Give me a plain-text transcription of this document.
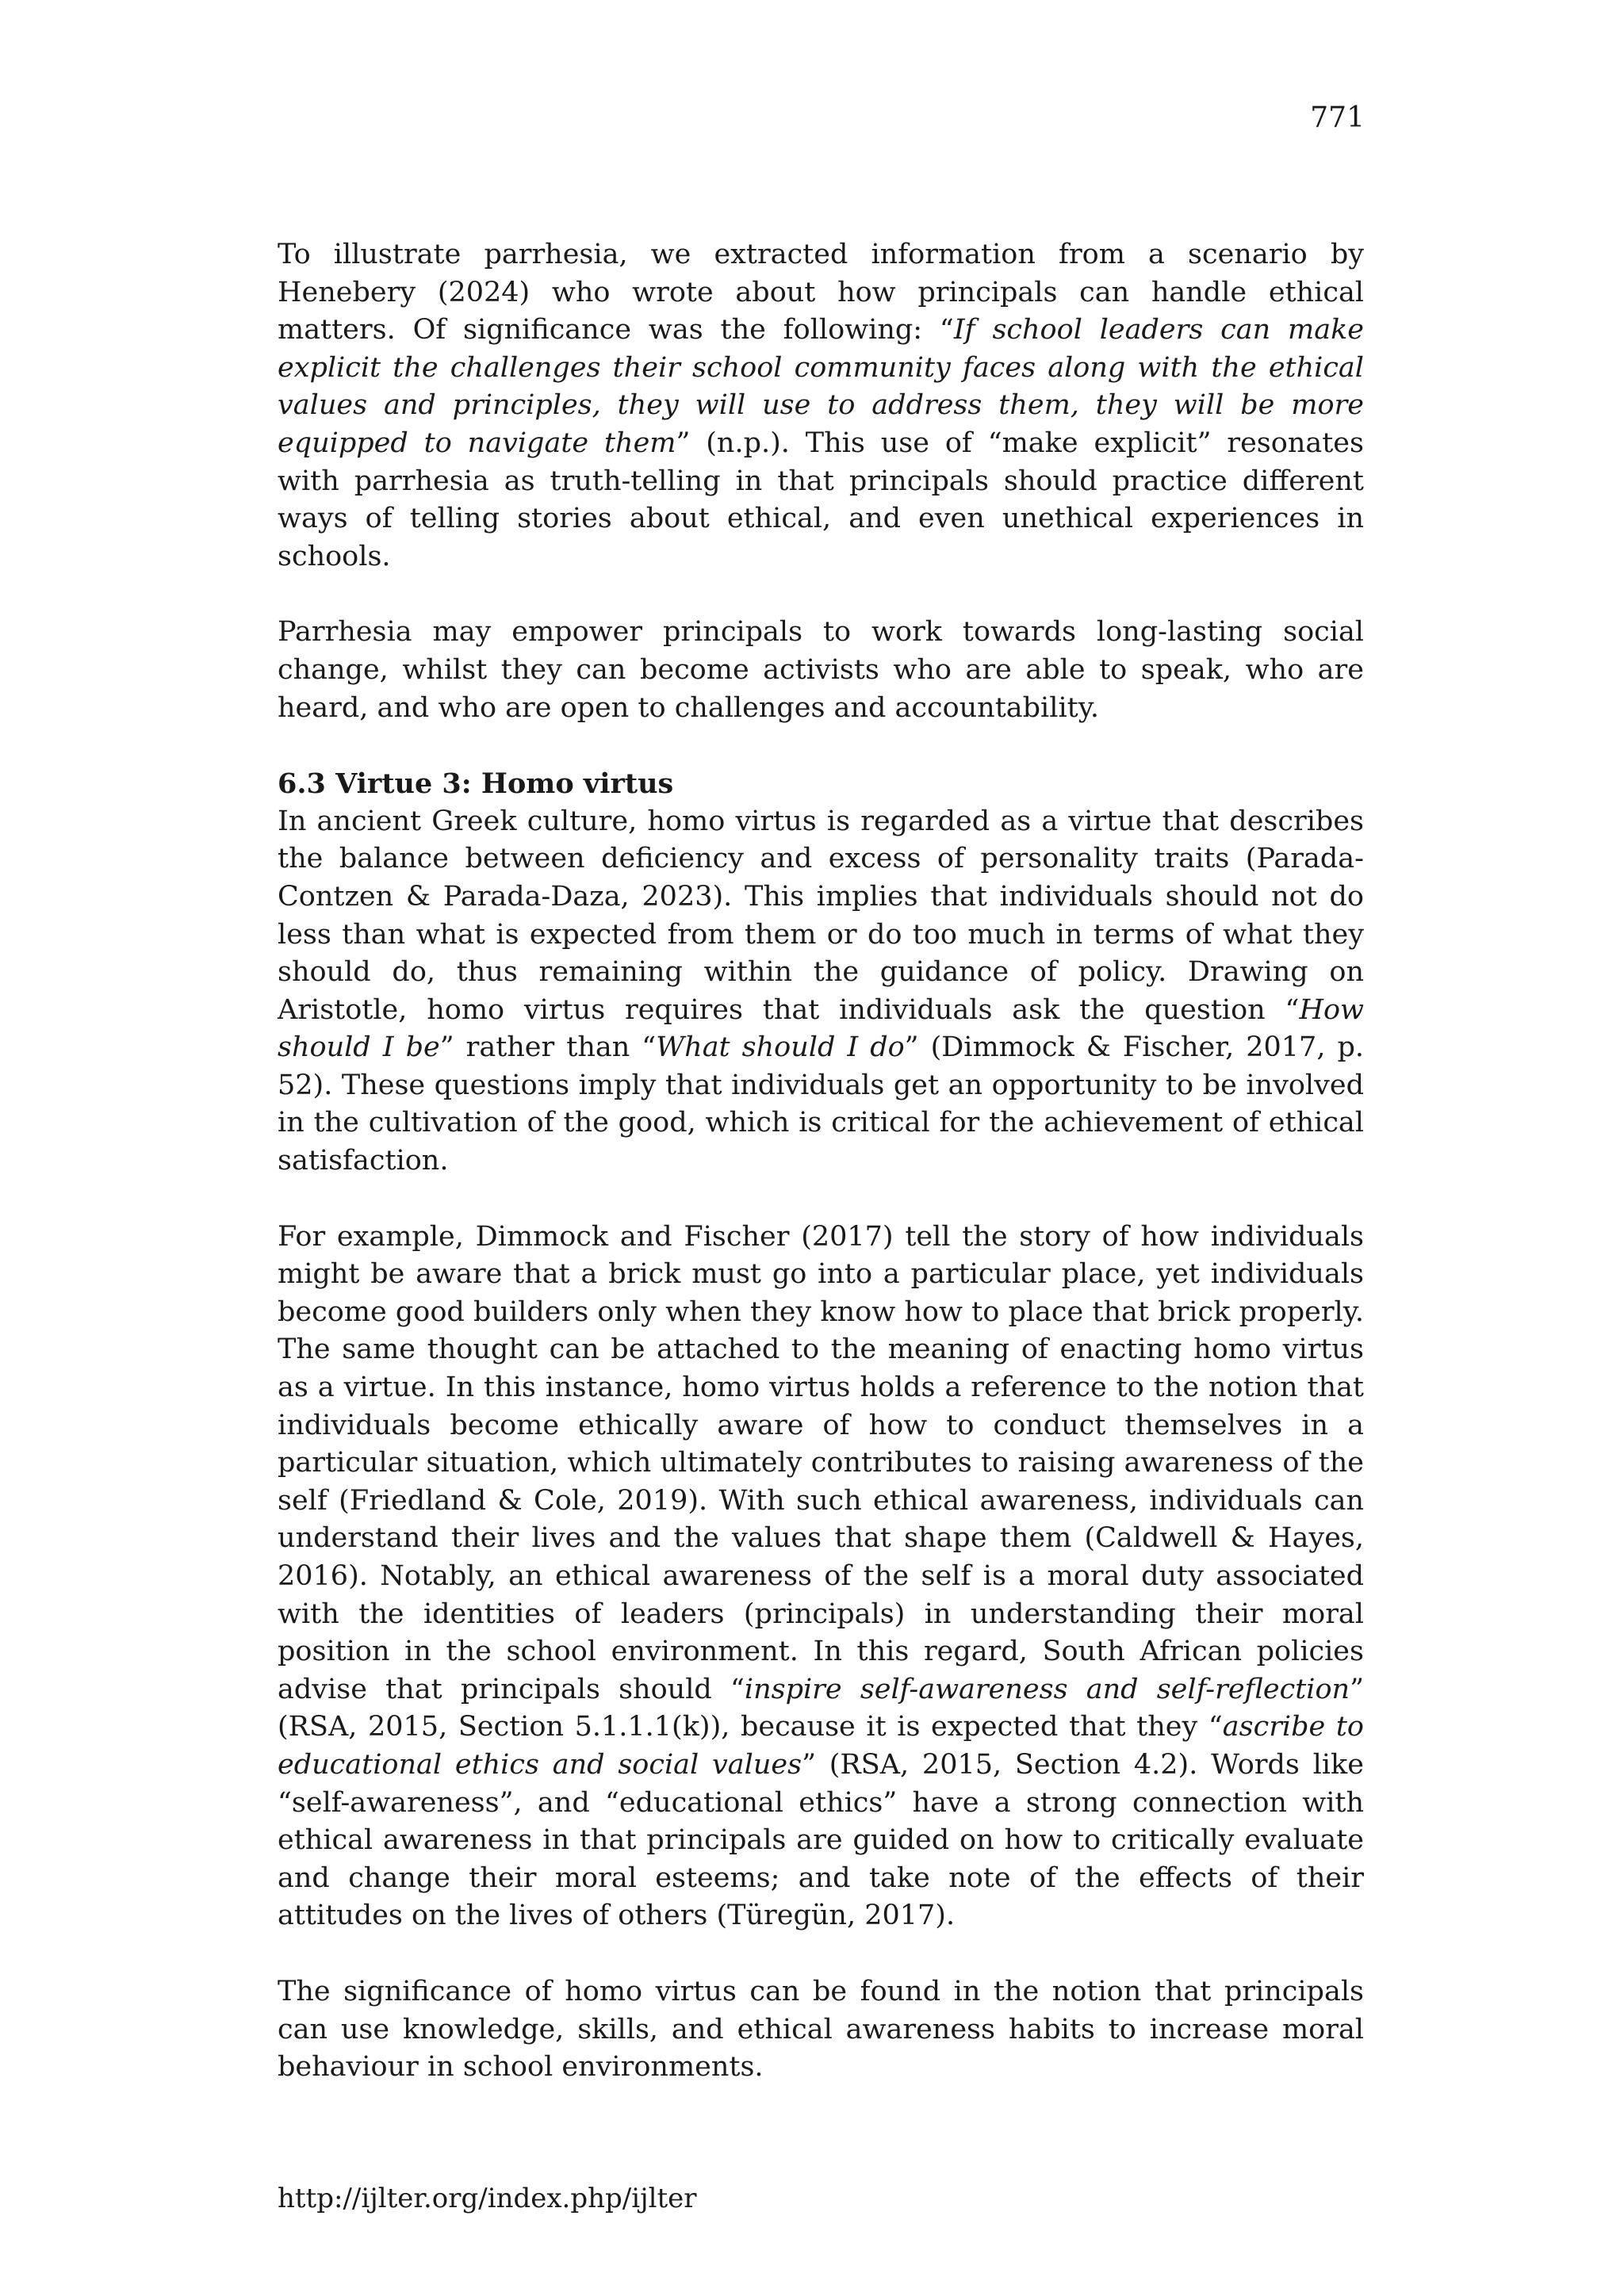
771

To illustrate parrhesia, we extracted information from a scenario by Henebery (2024) who wrote about how principals can handle ethical matters. Of significance was the following: “If school leaders can make explicit the challenges their school community faces along with the ethical values and principles, they will use to address them, they will be more equipped to navigate them” (n.p.). This use of “make explicit” resonates with parrhesia as truth-telling in that principals should practice different ways of telling stories about ethical, and even unethical experiences in schools.

Parrhesia may empower principals to work towards long-lasting social change, whilst they can become activists who are able to speak, who are heard, and who are open to challenges and accountability.

6.3 Virtue 3: Homo virtus

In ancient Greek culture, homo virtus is regarded as a virtue that describes the balance between deficiency and excess of personality traits (Parada-Contzen & Parada-Daza, 2023). This implies that individuals should not do less than what is expected from them or do too much in terms of what they should do, thus remaining within the guidance of policy. Drawing on Aristotle, homo virtus requires that individuals ask the question “How should I be” rather than “What should I do” (Dimmock & Fischer, 2017, p. 52). These questions imply that individuals get an opportunity to be involved in the cultivation of the good, which is critical for the achievement of ethical satisfaction.

For example, Dimmock and Fischer (2017) tell the story of how individuals might be aware that a brick must go into a particular place, yet individuals become good builders only when they know how to place that brick properly. The same thought can be attached to the meaning of enacting homo virtus as a virtue. In this instance, homo virtus holds a reference to the notion that individuals become ethically aware of how to conduct themselves in a particular situation, which ultimately contributes to raising awareness of the self (Friedland & Cole, 2019). With such ethical awareness, individuals can understand their lives and the values that shape them (Caldwell & Hayes, 2016). Notably, an ethical awareness of the self is a moral duty associated with the identities of leaders (principals) in understanding their moral position in the school environment. In this regard, South African policies advise that principals should “inspire self-awareness and self-reflection” (RSA, 2015, Section 5.1.1.1(k)), because it is expected that they “ascribe to educational ethics and social values” (RSA, 2015, Section 4.2). Words like “self-awareness”, and “educational ethics” have a strong connection with ethical awareness in that principals are guided on how to critically evaluate and change their moral esteems; and take note of the effects of their attitudes on the lives of others (Türegün, 2017).

The significance of homo virtus can be found in the notion that principals can use knowledge, skills, and ethical awareness habits to increase moral behaviour in school environments.

http://ijlter.org/index.php/ijlter
